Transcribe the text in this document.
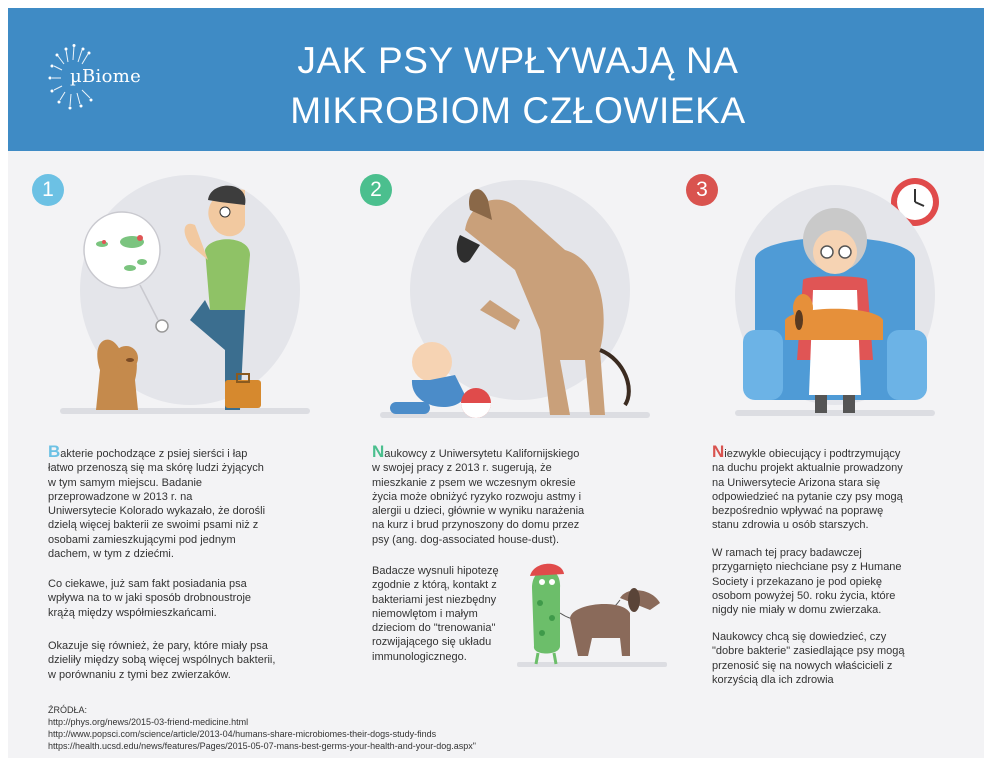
µBiome	JAK PSY WPŁYWAJĄ NA
MIKROBIOM CZŁOWIEKA
1
Bakterie pochodzące z psiej sierści i łap
łatwo przenoszą się ma skórę ludzi żyjących
w tym samym miejscu. Badanie
przeprowadzone w 2013 r. na
Uniwersytecie Kolorado wykazało, że dorośli
dzielą więcej bakterii ze swoimi psami niż z
osobami zamieszkującymi pod jednym
dachem, w tym z dziećmi.
Co ciekawe, już sam fakt posiadania psa
wpływa na to w jaki sposób drobnoustroje
krążą między współmieszkańcami.
Okazuje się również, że pary, które miały psa
dzieliły między sobą więcej wspólnych bakterii,
w porównaniu z tymi bez zwierzaków.
2
Naukowcy z Uniwersytetu Kalifornijskiego
w swojej pracy z 2013 r. sugerują, że
mieszkanie z psem we wczesnym okresie
życia może obniżyć ryzyko rozwoju astmy i
alergii u dzieci, głównie w wyniku narażenia
na kurz i brud przynoszony do domu przez
psy (ang. dog-associated house-dust).
Badacze wysnuli hipotezę
zgodnie z którą, kontakt z
bakteriami jest niezbędny
niemowlętom i małym
dzieciom do "trenowania"
rozwijającego się układu
immunologicznego.
3
Niezwykle obiecujący i podtrzymujący
na duchu projekt aktualnie prowadzony
na Uniwersytecie Arizona stara się
odpowiedzieć na pytanie czy psy mogą
bezpośrednio wpływać na poprawę
stanu zdrowia u osób starszych.
W ramach tej pracy badawczej
przygarnięto niechciane psy z Humane
Society i przekazano je pod opiekę
osobom powyżej 50. roku życia, które
nigdy nie miały w domu zwierzaka.
Naukowcy chcą się dowiedzieć, czy
"dobre bakterie" zasiedlające psy mogą
przenosić się na nowych właścicieli z
korzyścią dla ich zdrowia
ŹRÓDŁA:
http://phys.org/news/2015-03-friend-medicine.html
http://www.popsci.com/science/article/2013-04/humans-share-microbiomes-their-dogs-study-finds
https://health.ucsd.edu/news/features/Pages/2015-05-07-mans-best-germs-your-health-and-your-dog.aspx"
